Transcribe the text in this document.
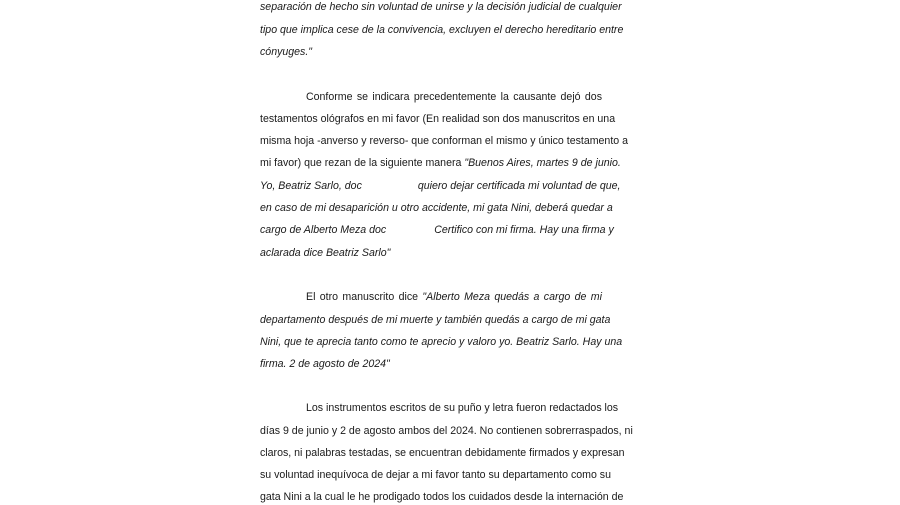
separación de hecho sin voluntad de unirse y la decisión judicial de cualquier
tipo que implica cese de la convivencia, excluyen el derecho hereditario entre
cónyuges."
Conforme se indicara precedentemente la causante dejó dos
testamentos ológrafos en mi favor (En realidad son dos manuscritos en una
misma hoja -anverso y reverso- que conforman el mismo y único testamento a
mi favor) que rezan de la siguiente manera "Buenos Aires, martes 9 de junio.
Yo, Beatriz Sarlo, doc	quiero dejar certificada mi voluntad de que,
en caso de mi desaparición u otro accidente, mi gata Nini, deberá quedar a
cargo de Alberto Meza doc	Certifico con mi firma. Hay una firma y
aclarada dice Beatriz Sarlo"
El otro manuscrito dice "Alberto Meza quedás a cargo de mi
departamento después de mi muerte y también quedás a cargo de mi gata
Nini, que te aprecia tanto como te aprecio y valoro yo. Beatriz Sarlo. Hay una
firma. 2 de agosto de 2024"
Los instrumentos escritos de su puño y letra fueron redactados los
días 9 de junio y 2 de agosto ambos del 2024. No contienen sobrerraspados, ni
claros, ni palabras testadas, se encuentran debidamente firmados y expresan
su voluntad inequívoca de dejar a mi favor tanto su departamento como su
gata Nini a la cual le he prodigado todos los cuidados desde la internación de
